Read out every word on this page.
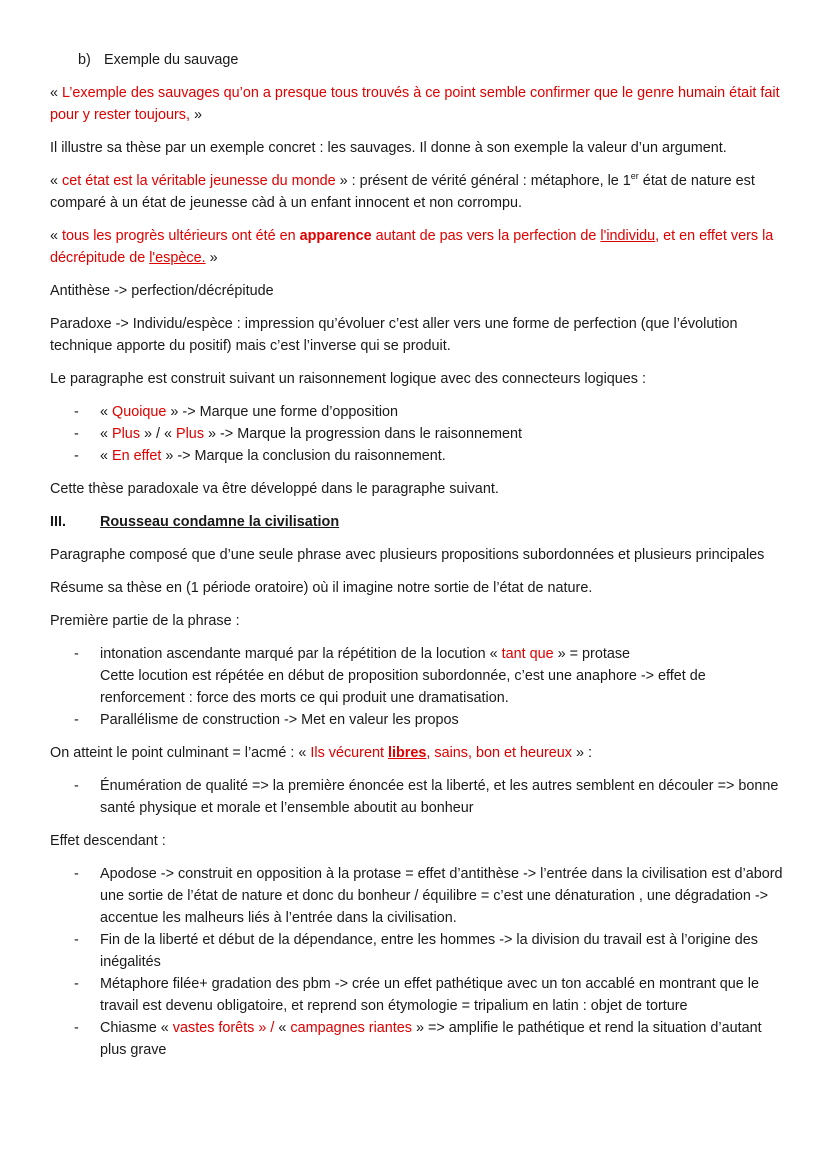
b) Exemple du sauvage

« L’exemple des sauvages qu’on a presque tous trouvés à ce point semble confirmer que le genre humain était fait pour y rester toujours, »

Il illustre sa thèse par un exemple concret : les sauvages. Il donne à son exemple la valeur d’un argument.

« cet état est la véritable jeunesse du monde » : présent de vérité général : métaphore, le 1er état de nature est comparé à un état de jeunesse càd à un enfant innocent et non corrompu.

« tous les progrès ultérieurs ont été en apparence autant de pas vers la perfection de l'individu, et en effet vers la décrépitude de l'espèce. »

Antithèse -> perfection/décrépitude

Paradoxe -> Individu/espèce : impression qu’évoluer c’est aller vers une forme de perfection (que l’évolution technique apporte du positif) mais c’est l’inverse qui se produit.

Le paragraphe est construit suivant un raisonnement logique avec des connecteurs logiques :

- « Quoique » -> Marque une forme d’opposition
- « Plus » / « Plus » -> Marque la progression dans le raisonnement
- « En effet » -> Marque la conclusion du raisonnement.

Cette thèse paradoxale va être développé dans le paragraphe suivant.

III.	Rousseau condamne la civilisation

Paragraphe composé que d’une seule phrase avec plusieurs propositions subordonnées et plusieurs principales

Résume sa thèse en (1 période oratoire) où il imagine notre sortie de l’état de nature.

Première partie de la phrase :

- intonation ascendante marqué par la répétition de la locution « tant que » = protase
Cette locution est répétée en début de proposition subordonnée, c’est une anaphore -> effet de renforcement : force des morts ce qui produit une dramatisation.
- Parallélisme de construction -> Met en valeur les propos

On atteint le point culminant = l’acmé : « Ils vécurent libres, sains, bon et heureux » :

- Énumération de qualité => la première énoncée est la liberté, et les autres semblent en découler => bonne santé physique et morale et l’ensemble aboutit au bonheur

Effet descendant :

- Apodose -> construit en opposition à la protase = effet d’antithèse -> l’entrée dans la civilisation est d’abord une sortie de l’état de nature et donc du bonheur / équilibre = c’est une dénaturation , une dégradation -> accentue les malheurs liés à l’entrée dans la civilisation.
- Fin de la liberté et début de la dépendance, entre les hommes -> la division du travail est à l’origine des inégalités
- Métaphore filée+ gradation des pbm -> crée un effet pathétique avec un ton accablé en montrant que le travail est devenu obligatoire, et reprend son étymologie = tripalium en latin : objet de torture
- Chiasme « vastes forêts » / « campagnes riantes » => amplifie le pathétique et rend la situation d’autant plus grave
